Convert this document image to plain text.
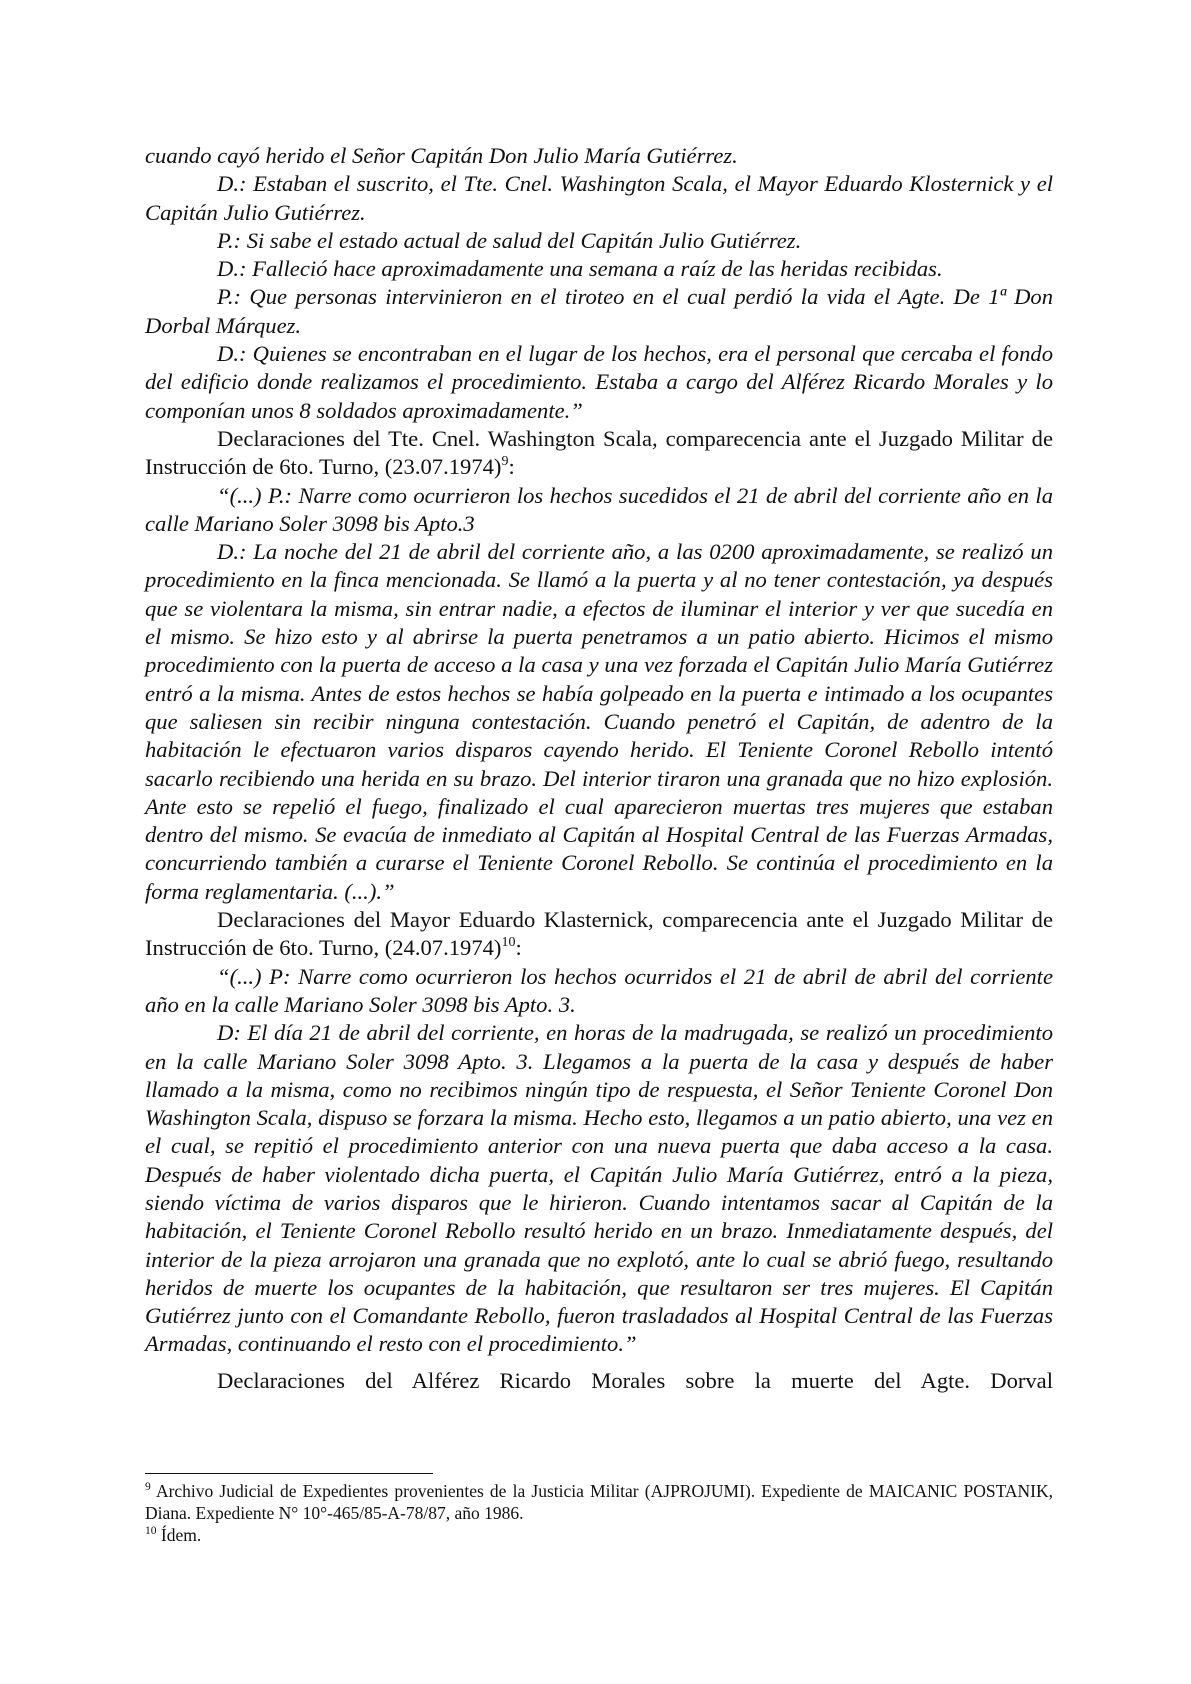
cuando cayó herido el Señor Capitán Don Julio María Gutiérrez.

D.: Estaban el suscrito, el Tte. Cnel. Washington Scala, el Mayor Eduardo Klosternick y el Capitán Julio Gutiérrez.

P.: Si sabe el estado actual de salud del Capitán Julio Gutiérrez.

D.: Falleció hace aproximadamente una semana a raíz de las heridas recibidas.

P.: Que personas intervinieron en el tiroteo en el cual perdió la vida el Agte. De 1ª Don Dorbal Márquez.

D.: Quienes se encontraban en el lugar de los hechos, era el personal que cercaba el fondo del edificio donde realizamos el procedimiento. Estaba a cargo del Alférez Ricardo Morales y lo componían unos 8 soldados aproximadamente.”

Declaraciones del Tte. Cnel. Washington Scala, comparecencia ante el Juzgado Militar de Instrucción de 6to. Turno, $(23.07.1974)^9$:

“(...) P.: Narre como ocurrieron los hechos sucedidos el 21 de abril del corriente año en la calle Mariano Soler 3098 bis Apto.3

D.: La noche del 21 de abril del corriente año, a las 0200 aproximadamente, se realizó un procedimiento en la finca mencionada. Se llamó a la puerta y al no tener contestación, ya después que se violentara la misma, sin entrar nadie, a efectos de iluminar el interior y ver que sucedía en el mismo. Se hizo esto y al abrirse la puerta penetramos a un patio abierto. Hicimos el mismo procedimiento con la puerta de acceso a la casa y una vez forzada el Capitán Julio María Gutiérrez entró a la misma. Antes de estos hechos se había golpeado en la puerta e intimado a los ocupantes que saliesen sin recibir ninguna contestación. Cuando penetró el Capitán, de adentro de la habitación le efectuaron varios disparos cayendo herido. El Teniente Coronel Rebollo intentó sacarlo recibiendo una herida en su brazo. Del interior tiraron una granada que no hizo explosión. Ante esto se repelió el fuego, finalizado el cual aparecieron muertas tres mujeres que estaban dentro del mismo. Se evacúa de inmediato al Capitán al Hospital Central de las Fuerzas Armadas, concurriendo también a curarse el Teniente Coronel Rebollo. Se continúa el procedimiento en la forma reglamentaria. (...).”

Declaraciones del Mayor Eduardo Klasternick, comparecencia ante el Juzgado Militar de Instrucción de 6to. Turno, $(24.07.1974)^{10}$:

“(...) P: Narre como ocurrieron los hechos ocurridos el 21 de abril de abril del corriente año en la calle Mariano Soler 3098 bis Apto. 3.

D: El día 21 de abril del corriente, en horas de la madrugada, se realizó un procedimiento en la calle Mariano Soler 3098 Apto. 3. Llegamos a la puerta de la casa y después de haber llamado a la misma, como no recibimos ningún tipo de respuesta, el Señor Teniente Coronel Don Washington Scala, dispuso se forzara la misma. Hecho esto, llegamos a un patio abierto, una vez en el cual, se repitió el procedimiento anterior con una nueva puerta que daba acceso a la casa. Después de haber violentado dicha puerta, el Capitán Julio María Gutiérrez, entró a la pieza, siendo víctima de varios disparos que le hirieron. Cuando intentamos sacar al Capitán de la habitación, el Teniente Coronel Rebollo resultó herido en un brazo. Inmediatamente después, del interior de la pieza arrojaron una granada que no explotó, ante lo cual se abrió fuego, resultando heridos de muerte los ocupantes de la habitación, que resultaron ser tres mujeres. El Capitán Gutiérrez junto con el Comandante Rebollo, fueron trasladados al Hospital Central de las Fuerzas Armadas, continuando el resto con el procedimiento.”

Declaraciones del Alférez Ricardo Morales sobre la muerte del Agte. Dorval

$^9$ Archivo Judicial de Expedientes provenientes de la Justicia Militar (AJPROJUMI). Expediente de MAICANIC POSTANIK, Diana. Expediente N° 10°-465/85-A-78/87, año 1986.

$^{10}$ Ídem.
